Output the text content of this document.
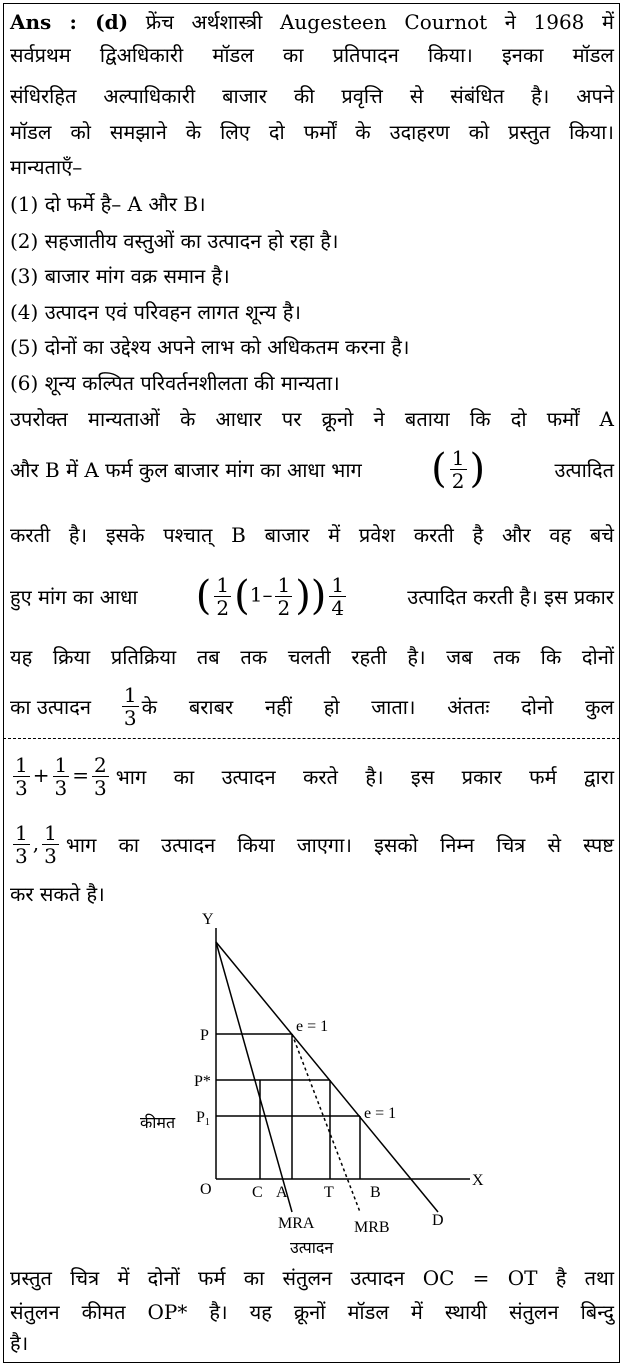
Ans : (d) फ्रेंच अर्थशास्त्री Augesteen Cournot ने 1968 में
सर्वप्रथम द्विअधिकारी मॉडल का प्रतिपादन किया। इनका मॉडल
संधिरहित अल्पाधिकारी बाजार की प्रवृत्ति से संबंधित है। अपने
मॉडल को समझाने के लिए दो फर्मों के उदाहरण को प्रस्तुत किया।
मान्यताएँ–
(1) दो फर्मे है– A और B।
(2) सहजातीय वस्तुओं का उत्पादन हो रहा है।
(3) बाजार मांग वक्र समान है।
(4) उत्पादन एवं परिवहन लागत शून्य है।
(5) दोनों का उद्देश्य अपने लाभ को अधिकतम करना है।
(6) शून्य कल्पित परिवर्तनशीलता की मान्यता।
उपरोक्त मान्यताओं के आधार पर क्रूनो ने बताया कि दो फर्मों A
और B में A फर्म कुल बाजार मांग का आधा भाग ( $\frac{1}{2}$ )	उत्पादित
करती है। इसके पश्चात् B बाजार में प्रवेश करती है और वह बचे
हुए मांग का आधा ( $\frac{1}{2} (1- \frac{1}{2}$ )) $\frac{1}{4}$	उत्पादित करती है। इस प्रकार
यह क्रिया प्रतिक्रिया तब तक चलती रहती है। जब तक कि दोनों
का उत्पादन $\frac{1}{3}$ के बराबर नहीं हो जाता। अंततः दोनो कुल
$\frac{1}{3} + \frac{1}{3} = \frac{2}{3}$ भाग का उत्पादन करते है। इस प्रकार फर्म द्वारा
$\frac{1}{3}$ , $\frac{1}{3}$ भाग का उत्पादन किया जाएगा। इसको निम्न चित्र से स्पष्ट
कर सकते है।
Y
X
O
P
P*
P1
कीमत
C A T B
MRA MRB	D
e = 1
e = 1
उत्पादन
प्रस्तुत चित्र में दोनों फर्म का संतुलन उत्पादन OC = OT है तथा
संतुलन कीमत OP* है। यह क्रूनों मॉडल में स्थायी संतुलन बिन्दु
है।
